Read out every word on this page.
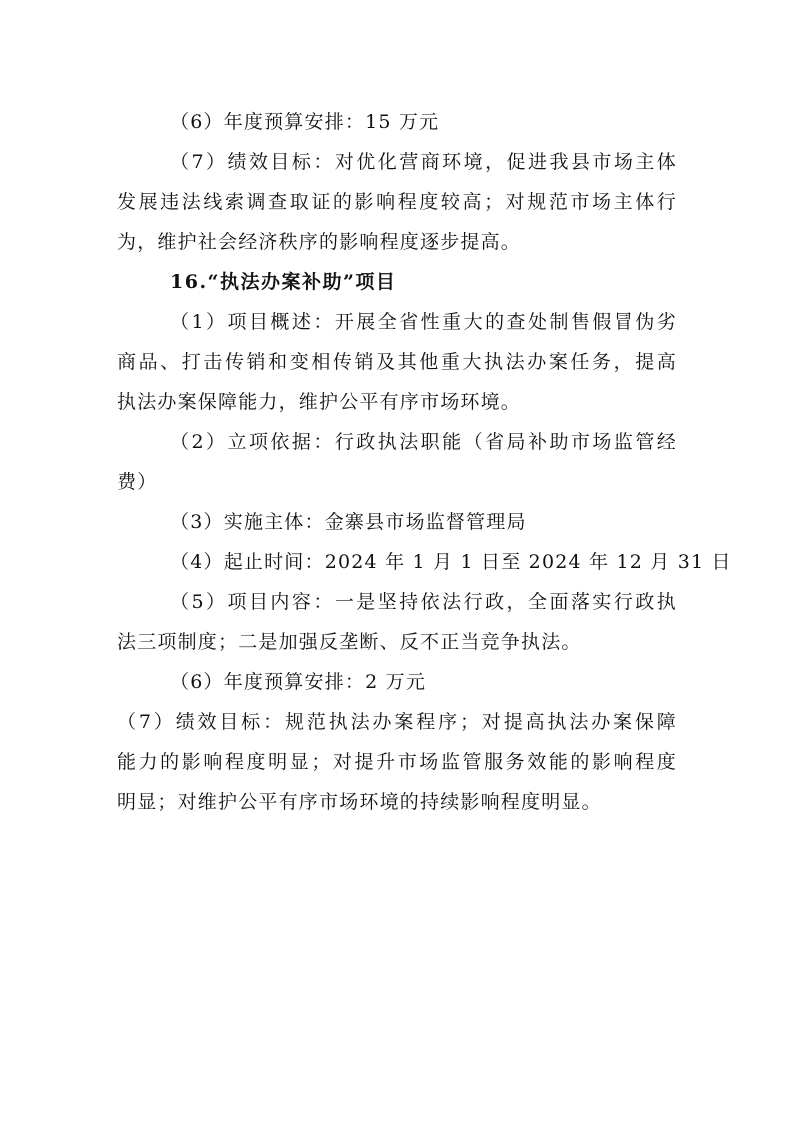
（6）年度预算安排：15 万元
（7）绩效目标：对优化营商环境，促进我县市场主体
发展违法线索调查取证的影响程度较高；对规范市场主体行
为，维护社会经济秩序的影响程度逐步提高。
16.“执法办案补助”项目
（1）项目概述：开展全省性重大的查处制售假冒伪劣
商品、打击传销和变相传销及其他重大执法办案任务，提高
执法办案保障能力，维护公平有序市场环境。
（2）立项依据：行政执法职能（省局补助市场监管经
费）
（3）实施主体：金寨县市场监督管理局
（4）起止时间：2024 年 1 月 1 日至 2024 年 12 月 31 日
（5）项目内容：一是坚持依法行政，全面落实行政执
法三项制度；二是加强反垄断、反不正当竞争执法。
（6）年度预算安排：2 万元
（7）绩效目标：规范执法办案程序；对提高执法办案保障
能力的影响程度明显；对提升市场监管服务效能的影响程度
明显；对维护公平有序市场环境的持续影响程度明显。
